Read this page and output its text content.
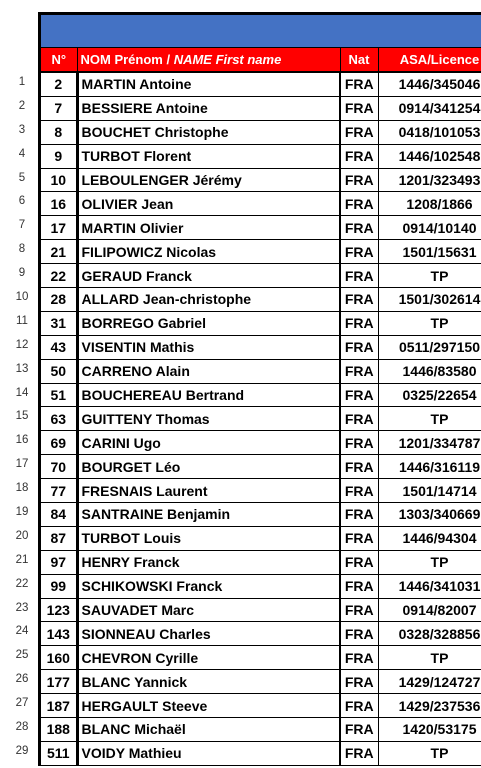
1
2
3
4
5
6
7
8
9
10
11
12
13
14
15
16
17
18
19
20
21
22
23
24
25
26
27
28
29
N°	NOM Prénom / NAME First name	Nat	ASA/Licence
2	MARTIN Antoine	FRA	1446/345046
7	BESSIERE Antoine	FRA	0914/341254
8	BOUCHET Christophe	FRA	0418/101053
9	TURBOT Florent	FRA	1446/102548
10	LEBOULENGER Jérémy	FRA	1201/323493
16	OLIVIER Jean	FRA	1208/1866
17	MARTIN Olivier	FRA	0914/10140
21	FILIPOWICZ Nicolas	FRA	1501/15631
22	GERAUD Franck	FRA	TP
28	ALLARD Jean-christophe	FRA	1501/302614
31	BORREGO Gabriel	FRA	TP
43	VISENTIN Mathis	FRA	0511/297150
50	CARRENO Alain	FRA	1446/83580
51	BOUCHEREAU Bertrand	FRA	0325/22654
63	GUITTENY Thomas	FRA	TP
69	CARINI Ugo	FRA	1201/334787
70	BOURGET Léo	FRA	1446/316119
77	FRESNAIS Laurent	FRA	1501/14714
84	SANTRAINE Benjamin	FRA	1303/340669
87	TURBOT Louis	FRA	1446/94304
97	HENRY Franck	FRA	TP
99	SCHIKOWSKI Franck	FRA	1446/341031
123	SAUVADET Marc	FRA	0914/82007
143	SIONNEAU Charles	FRA	0328/328856
160	CHEVRON Cyrille	FRA	TP
177	BLANC Yannick	FRA	1429/124727
187	HERGAULT Steeve	FRA	1429/237536
188	BLANC Michaël	FRA	1420/53175
511	VOIDY Mathieu	FRA	TP
